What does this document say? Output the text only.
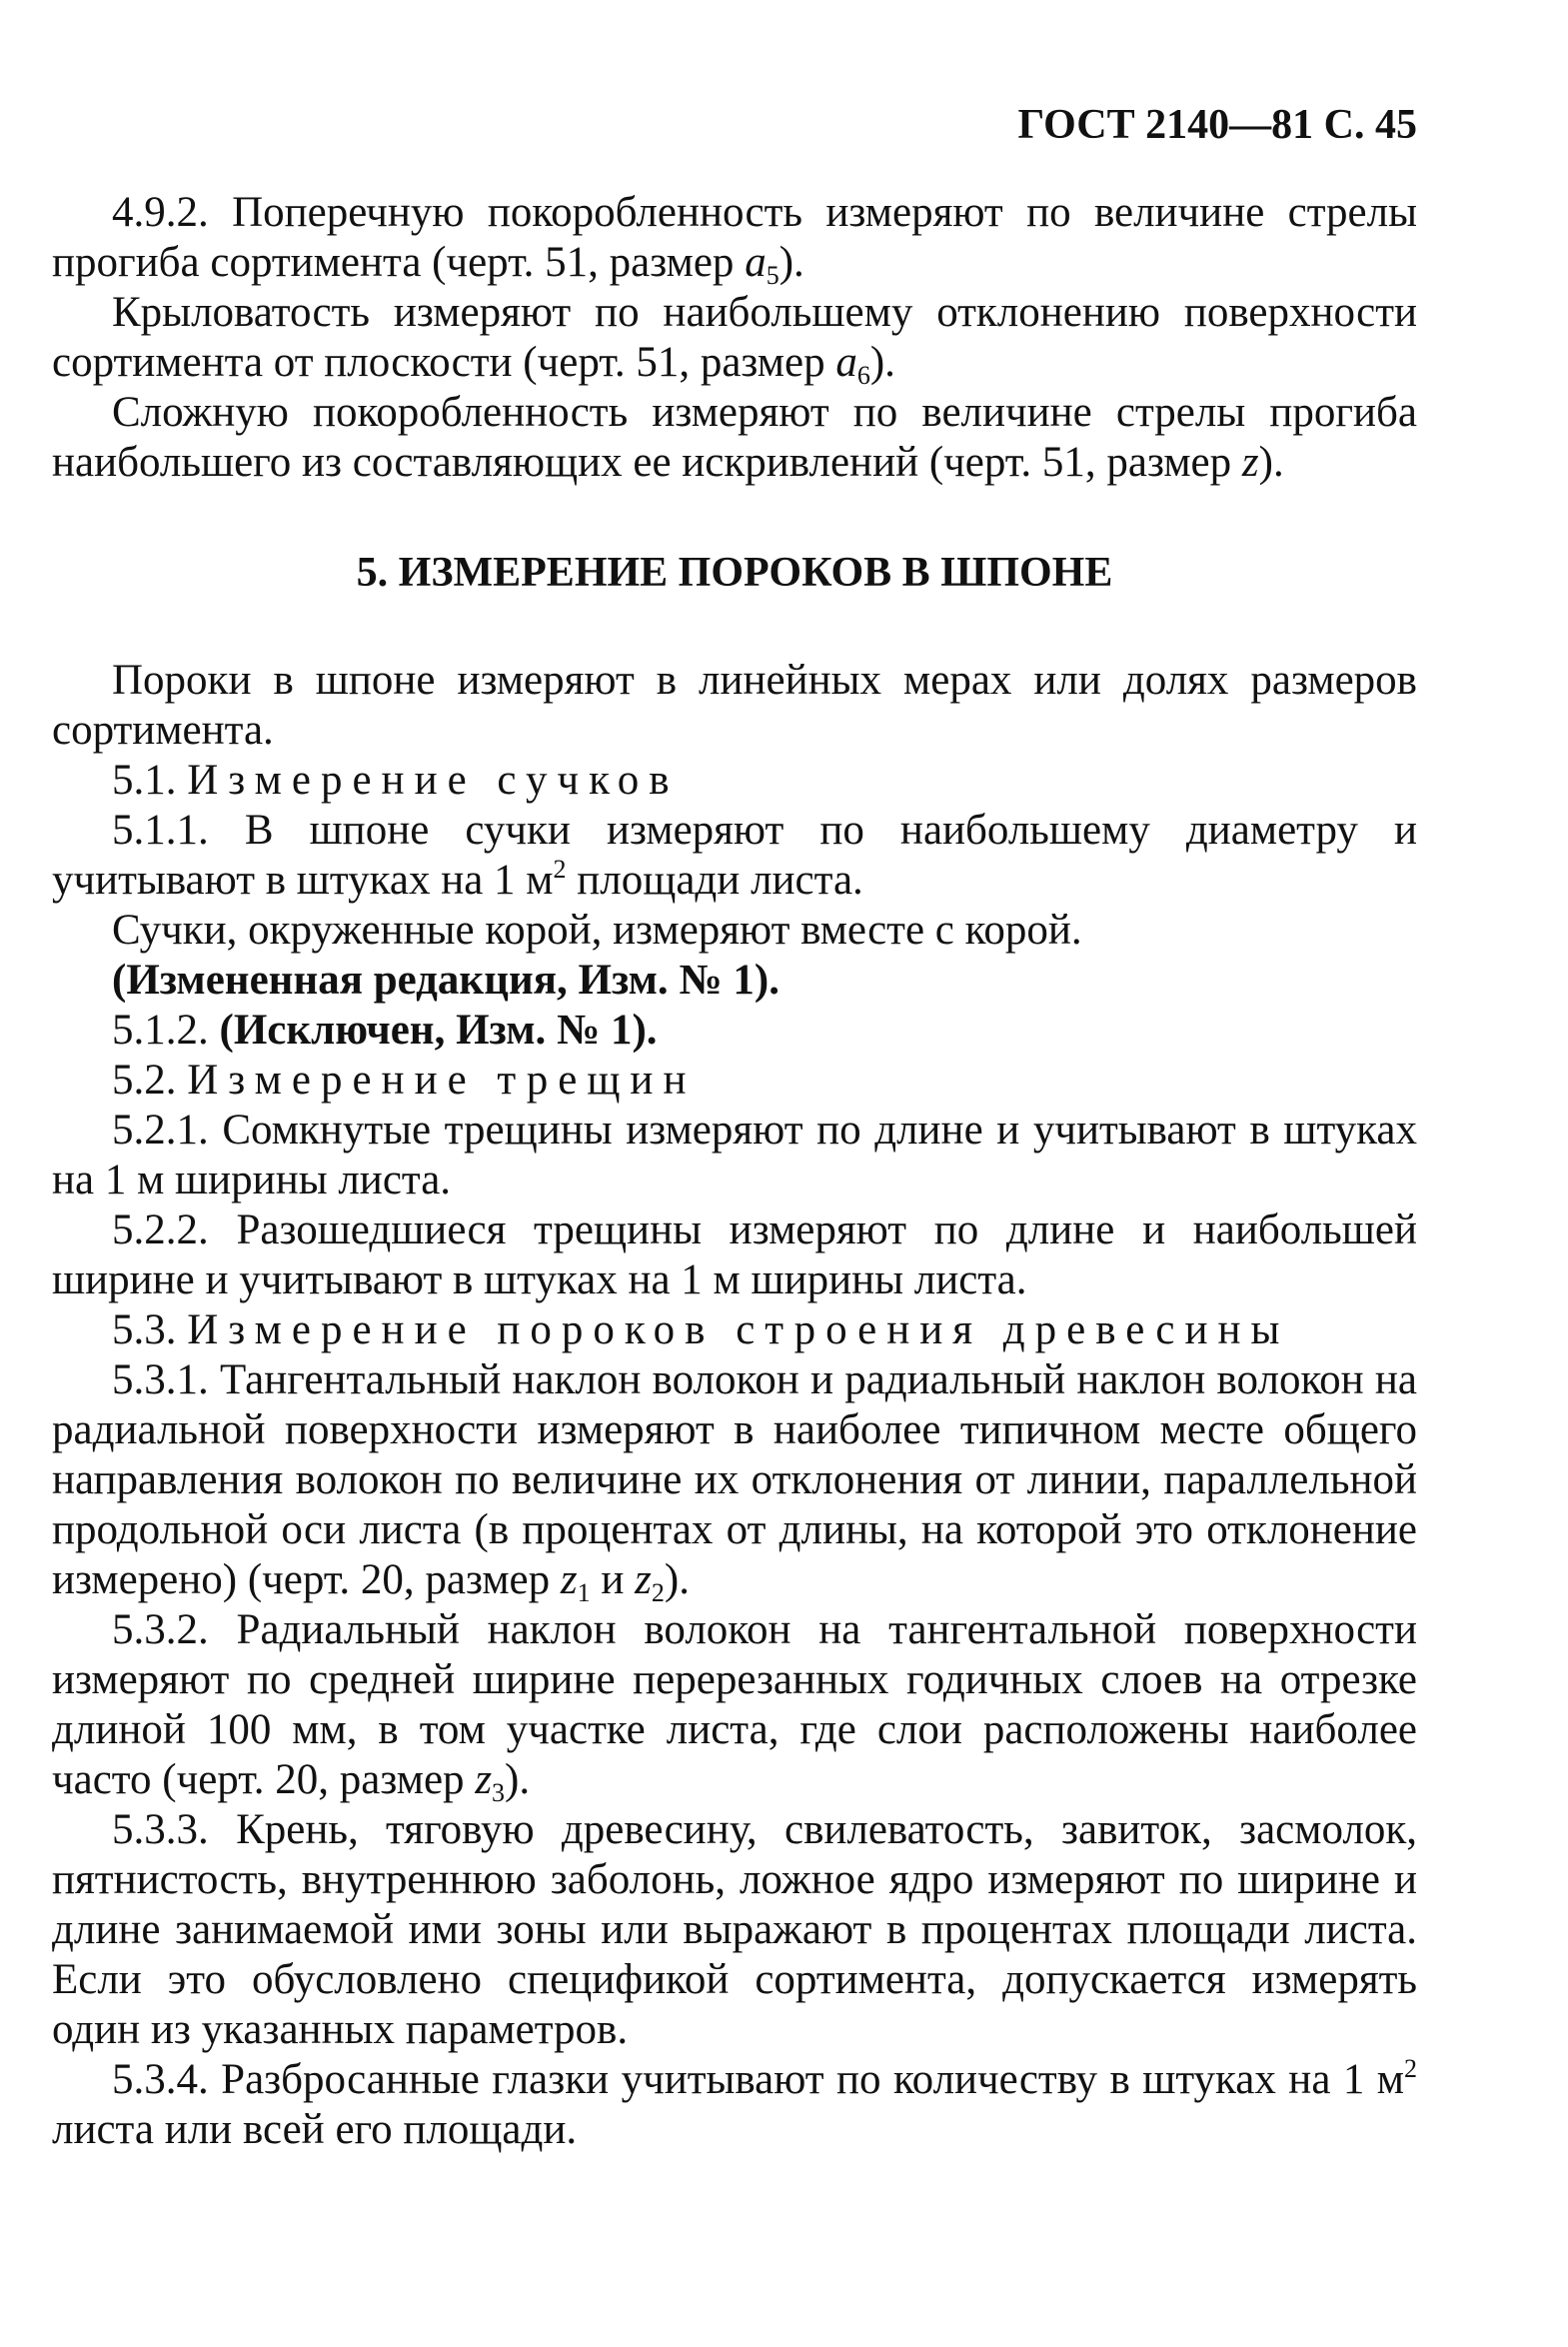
ГОСТ 2140—81 С. 45

4.9.2. Поперечную покоробленность измеряют по величине стрелы прогиба сортимента (черт. 51, размер $a_5$).

Крыловатость измеряют по наибольшему отклонению поверхности сортимента от плоскости (черт. 51, размер $a_6$).

Сложную покоробленность измеряют по величине стрелы прогиба наибольшего из составляющих ее искривлений (черт. 51, размер z).

5. ИЗМЕРЕНИЕ ПОРОКОВ В ШПОНЕ

Пороки в шпоне измеряют в линейных мерах или долях размеров сортимента.

5.1. Измерение сучков

5.1.1. В шпоне сучки измеряют по наибольшему диаметру и учитывают в штуках на 1 $м^2$ площади листа.

Сучки, окруженные корой, измеряют вместе с корой.

(Измененная редакция, Изм. № 1).

5.1.2. (Исключен, Изм. № 1).

5.2. Измерение трещин

5.2.1. Сомкнутые трещины измеряют по длине и учитывают в штуках на 1 м ширины листа.

5.2.2. Разошедшиеся трещины измеряют по длине и наибольшей ширине и учитывают в штуках на 1 м ширины листа.

5.3. Измерение пороков строения древесины

5.3.1. Тангентальный наклон волокон и радиальный наклон волокон на радиальной поверхности измеряют в наиболее типичном месте общего направления волокон по величине их отклонения от линии, параллельной продольной оси листа (в процентах от длины, на которой это отклонение измерено) (черт. 20, размер $z_1$ и $z_2$).

5.3.2. Радиальный наклон волокон на тангентальной поверхности измеряют по средней ширине перерезанных годичных слоев на отрезке длиной 100 мм, в том участке листа, где слои расположены наиболее часто (черт. 20, размер $z_3$).

5.3.3. Крень, тяговую древесину, свилеватость, завиток, засмолок, пятнистость, внутреннюю заболонь, ложное ядро измеряют по ширине и длине занимаемой ими зоны или выражают в процентах площади листа. Если это обусловлено спецификой сортимента, допускается измерять один из указанных параметров.

5.3.4. Разбросанные глазки учитывают по количеству в штуках на 1 $м^2$ листа или всей его площади.
